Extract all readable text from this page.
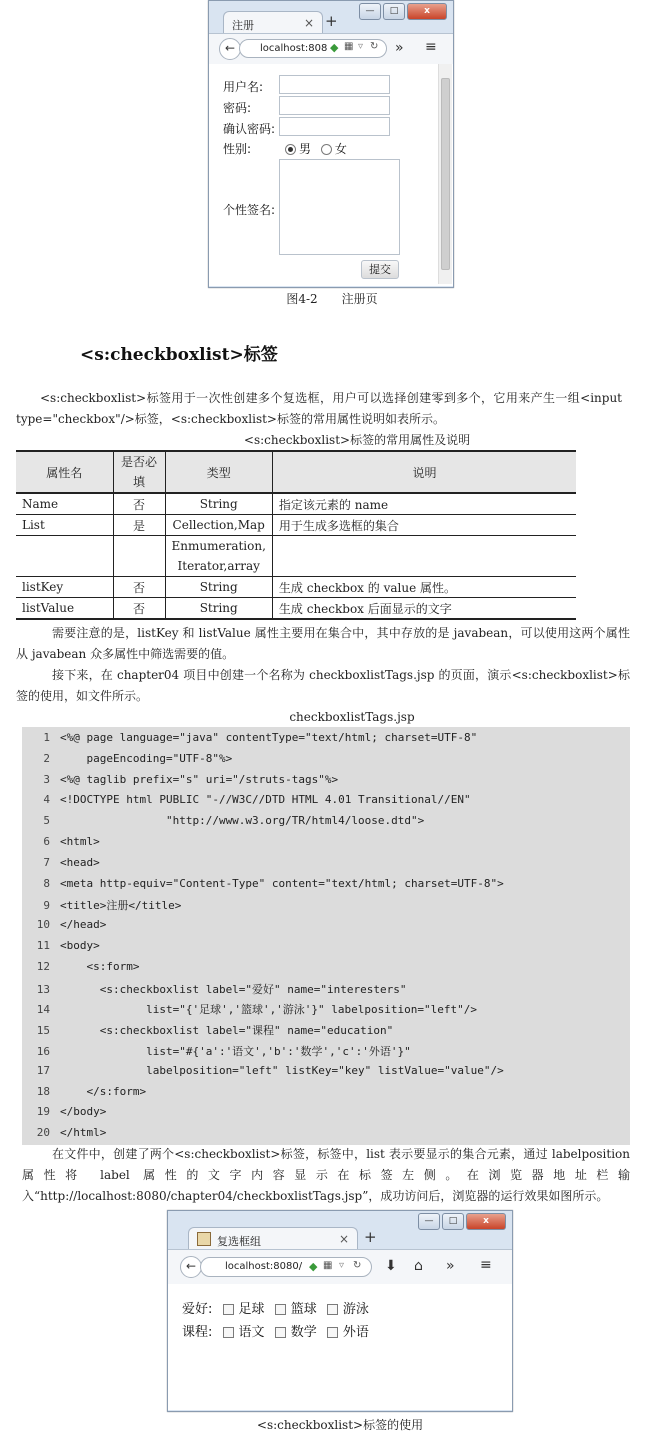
—	□	x
注册	× +
←	localhost:808 ◆ ▦ ▿ ↻ » ≡
用户名:
密码:
确认密码:
性别:	男 女
个性签名:
提交
图4-2　　注册页
<s:checkboxlist>标签
<s:checkboxlist>标签用于一次性创建多个复选框，用户可以选择创建零到多个，它用来产生一组<input type="checkbox"/>标签，<s:checkboxlist>标签的常用属性说明如表所示。
<s:checkboxlist>标签的常用属性及说明
属性名	是否必填	类型	说明
Name	否	String	指定该元素的 name
List	是	Cellection,Map	用于生成多选框的集合
		Enmumeration,	
		Iterator,array	
listKey	否	String	生成 checkbox 的 value 属性。
listValue	否	String	生成 checkbox 后面显示的文字
需要注意的是，listKey 和 listValue 属性主要用在集合中，其中存放的是 javabean，可以使用这两个属性从 javabean 众多属性中筛选需要的值。
接下来，在 chapter04 项目中创建一个名称为 checkboxlistTags.jsp 的页面，演示<s:checkboxlist>标签的使用，如文件所示。
checkboxlistTags.jsp
1 <%@ page language="java" contentType="text/html; charset=UTF-8"
2    pageEncoding="UTF-8"%>
3 <%@ taglib prefix="s" uri="/struts-tags"%>
4 <!DOCTYPE html PUBLIC "-//W3C//DTD HTML 4.01 Transitional//EN"
5                "http://www.w3.org/TR/html4/loose.dtd">
6 <html>
7 <head>
8 <meta http-equiv="Content-Type" content="text/html; charset=UTF-8">
9 <title>注册</title>
10 </head>
11 <body>
12    <s:form>
13      <s:checkboxlist label="爱好" name="interesters"
14             list="{'足球','篮球','游泳'}" labelposition="left"/>
15      <s:checkboxlist label="课程" name="education"
16             list="#{'a':'语文','b':'数学','c':'外语'}"
17             labelposition="left" listKey="key" listValue="value"/>
18    </s:form>
19 </body>
20 </html>
在文件中，创建了两个<s:checkboxlist>标签，标签中，list 表示要显示的集合元素，通过 labelposition 属性将 label 属性的文字内容显示在标签左侧。在浏览器地址栏输入“http://localhost:8080/chapter04/checkboxlistTags.jsp”，成功访问后，浏览器的运行效果如图所示。
—	□	x
复选框组	× +
←	localhost:8080/ ◆ ▦ ▿ ↻ ⬇ ⌂ » ≡
爱好: 足球 篮球 游泳
课程: 语文 数学 外语
<s:checkboxlist>标签的使用
